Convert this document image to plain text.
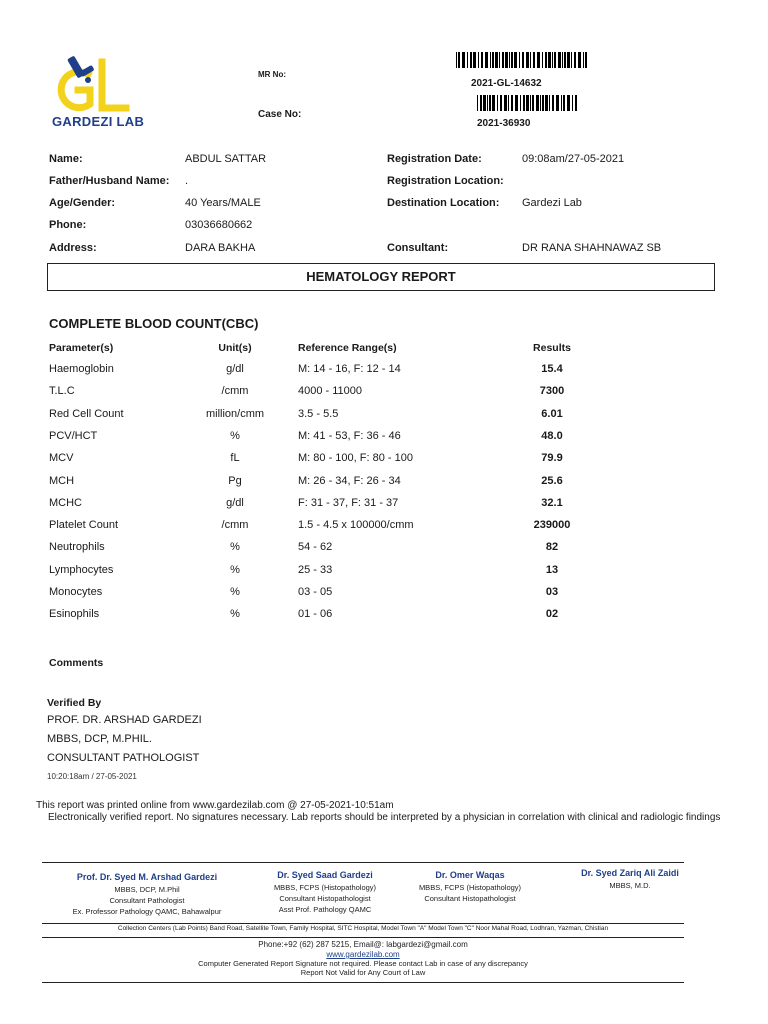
GARDEZI LAB
MR No:
2021-GL-14632
Case No:
2021-36930
Name:	ABDUL SATTAR
Father/Husband Name: .
Age/Gender:	40 Years/MALE
Phone:	03036680662
Address:	DARA BAKHA
Registration Date:	09:08am/27-05-2021
Registration Location:
Destination Location: Gardezi Lab
Consultant:	DR RANA SHAHNAWAZ SB
HEMATOLOGY REPORT
COMPLETE BLOOD COUNT(CBC)
Parameter(s)	Unit(s)	Reference Range(s)	Results
Haemoglobin	g/dl	M: 14 - 16, F: 12 - 14	15.4
T.L.C	/cmm	4000 - 11000	7300
Red Cell Count	million/cmm	3.5 - 5.5	6.01
PCV/HCT	%	M: 41 - 53, F: 36 - 46	48.0
MCV	fL	M: 80 - 100, F: 80 - 100	79.9
MCH	Pg	M: 26 - 34, F: 26 - 34	25.6
MCHC	g/dl	F: 31 - 37, F: 31 - 37	32.1
Platelet Count	/cmm	1.5 - 4.5 x 100000/cmm	239000
Neutrophils	%	54 - 62	82
Lymphocytes	%	25 - 33	13
Monocytes	%	03 - 05	03
Esinophils	%	01 - 06	02
Comments
Verified By
PROF. DR. ARSHAD GARDEZI
MBBS, DCP, M.PHIL.
CONSULTANT PATHOLOGIST
10:20:18am / 27-05-2021
This report was printed online from www.gardezilab.com @ 27-05-2021-10:51am
Electronically verified report. No signatures necessary. Lab reports should be interpreted by a physician in correlation with clinical and radiologic findings
Prof. Dr. Syed M. Arshad Gardezi
MBBS, DCP, M.Phil
Consultant Pathologist
Ex. Professor Pathology QAMC, Bahawalpur
Dr. Syed Saad Gardezi
MBBS, FCPS (Histopathology)
Consultant Histopathologist
Asst Prof. Pathology QAMC
Dr. Omer Waqas
MBBS, FCPS (Histopathology)
Consultant Histopathologist
Dr. Syed Zariq Ali Zaidi
MBBS, M.D.
Collection Centers (Lab Points) Band Road, Satellite Town, Family Hospital, SITC Hospital, Model Town "A" Model Town "C" Noor Mahal Road, Lodhran, Yazman, Chistian
Phone:+92 (62) 287 5215, Email@: labgardezi@gmail.com
www.gardezilab.com
Computer Generated Report Signature not required. Please contact Lab in case of any discrepancy
Report Not Valid for Any Court of Law
